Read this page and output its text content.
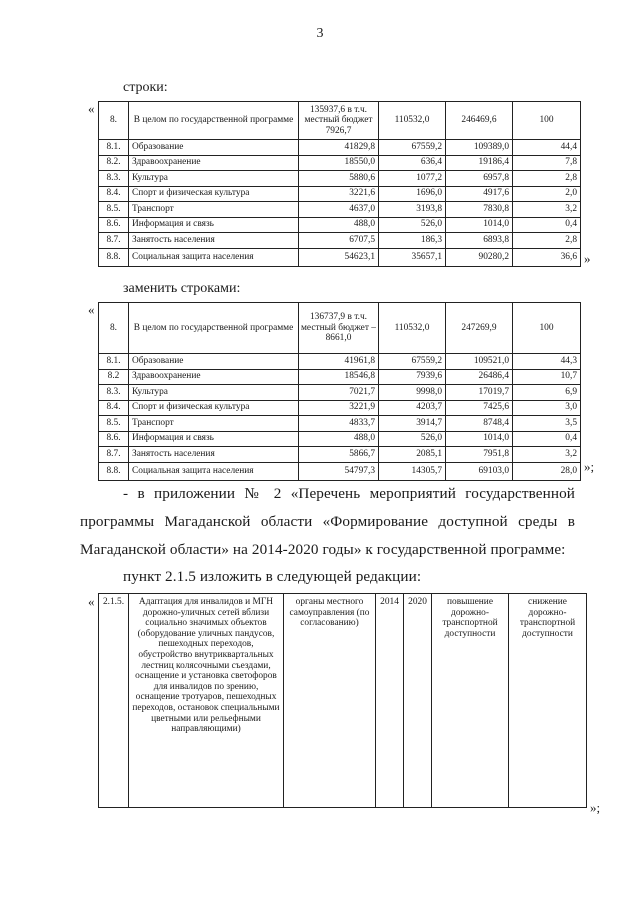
3
строки:
«
8.	В целом по государственной программе	135937,6 в т.ч. местный бюджет 7926,7	110532,0	246469,6	100
8.1.	Образование	41829,8	67559,2	109389,0	44,4
8.2.	Здравоохранение	18550,0	636,4	19186,4	7,8
8.3.	Культура	5880,6	1077,2	6957,8	2,8
8.4.	Спорт и физическая культура	3221,6	1696,0	4917,6	2,0
8.5.	Транспорт	4637,0	3193,8	7830,8	3,2
8.6.	Информация и связь	488,0	526,0	1014,0	0,4
8.7.	Занятость населения	6707,5	186,3	6893,8	2,8
8.8.	Социальная защита населения	54623,1	35657,1	90280,2	36,6 »
заменить строками:
«
8.	В целом по государственной программе	136737,9 в т.ч. местный бюджет – 8661,0	110532,0	247269,9	100
8.1.	Образование	41961,8	67559,2	109521,0	44,3
8.2	Здравоохранение	18546,8	7939,6	26486,4	10,7
8.3.	Культура	7021,7	9998,0	17019,7	6,9
8.4.	Спорт и физическая культура	3221,9	4203,7	7425,6	3,0
8.5.	Транспорт	4833,7	3914,7	8748,4	3,5
8.6.	Информация и связь	488,0	526,0	1014,0	0,4
8.7.	Занятость населения	5866,7	2085,1	7951,8	3,2
8.8.	Социальная защита населения	54797,3	14305,7	69103,0	28,0 »;
- в приложении № 2 «Перечень мероприятий государственной
программы Магаданской области «Формирование доступной среды в
Магаданской области» на 2014-2020 годы» к государственной программе:
пункт 2.1.5 изложить в следующей редакции:
« 2.1.5.	Адаптация для инвалидов и МГН дорожно-уличных сетей вблизи социально значимых объектов (оборудование уличных пандусов, пешеходных переходов, обустройство внутриквартальных лестниц колясочными съездами, оснащение и установка светофоров для инвалидов по зрению, оснащение тротуаров, пешеходных переходов, остановок специальными цветными или рельефными направляющими)	органы местного самоуправления (по согласованию)	2014	2020	повышение дорожно-транспортной доступности	снижение дорожно-транспортной доступности
»;
